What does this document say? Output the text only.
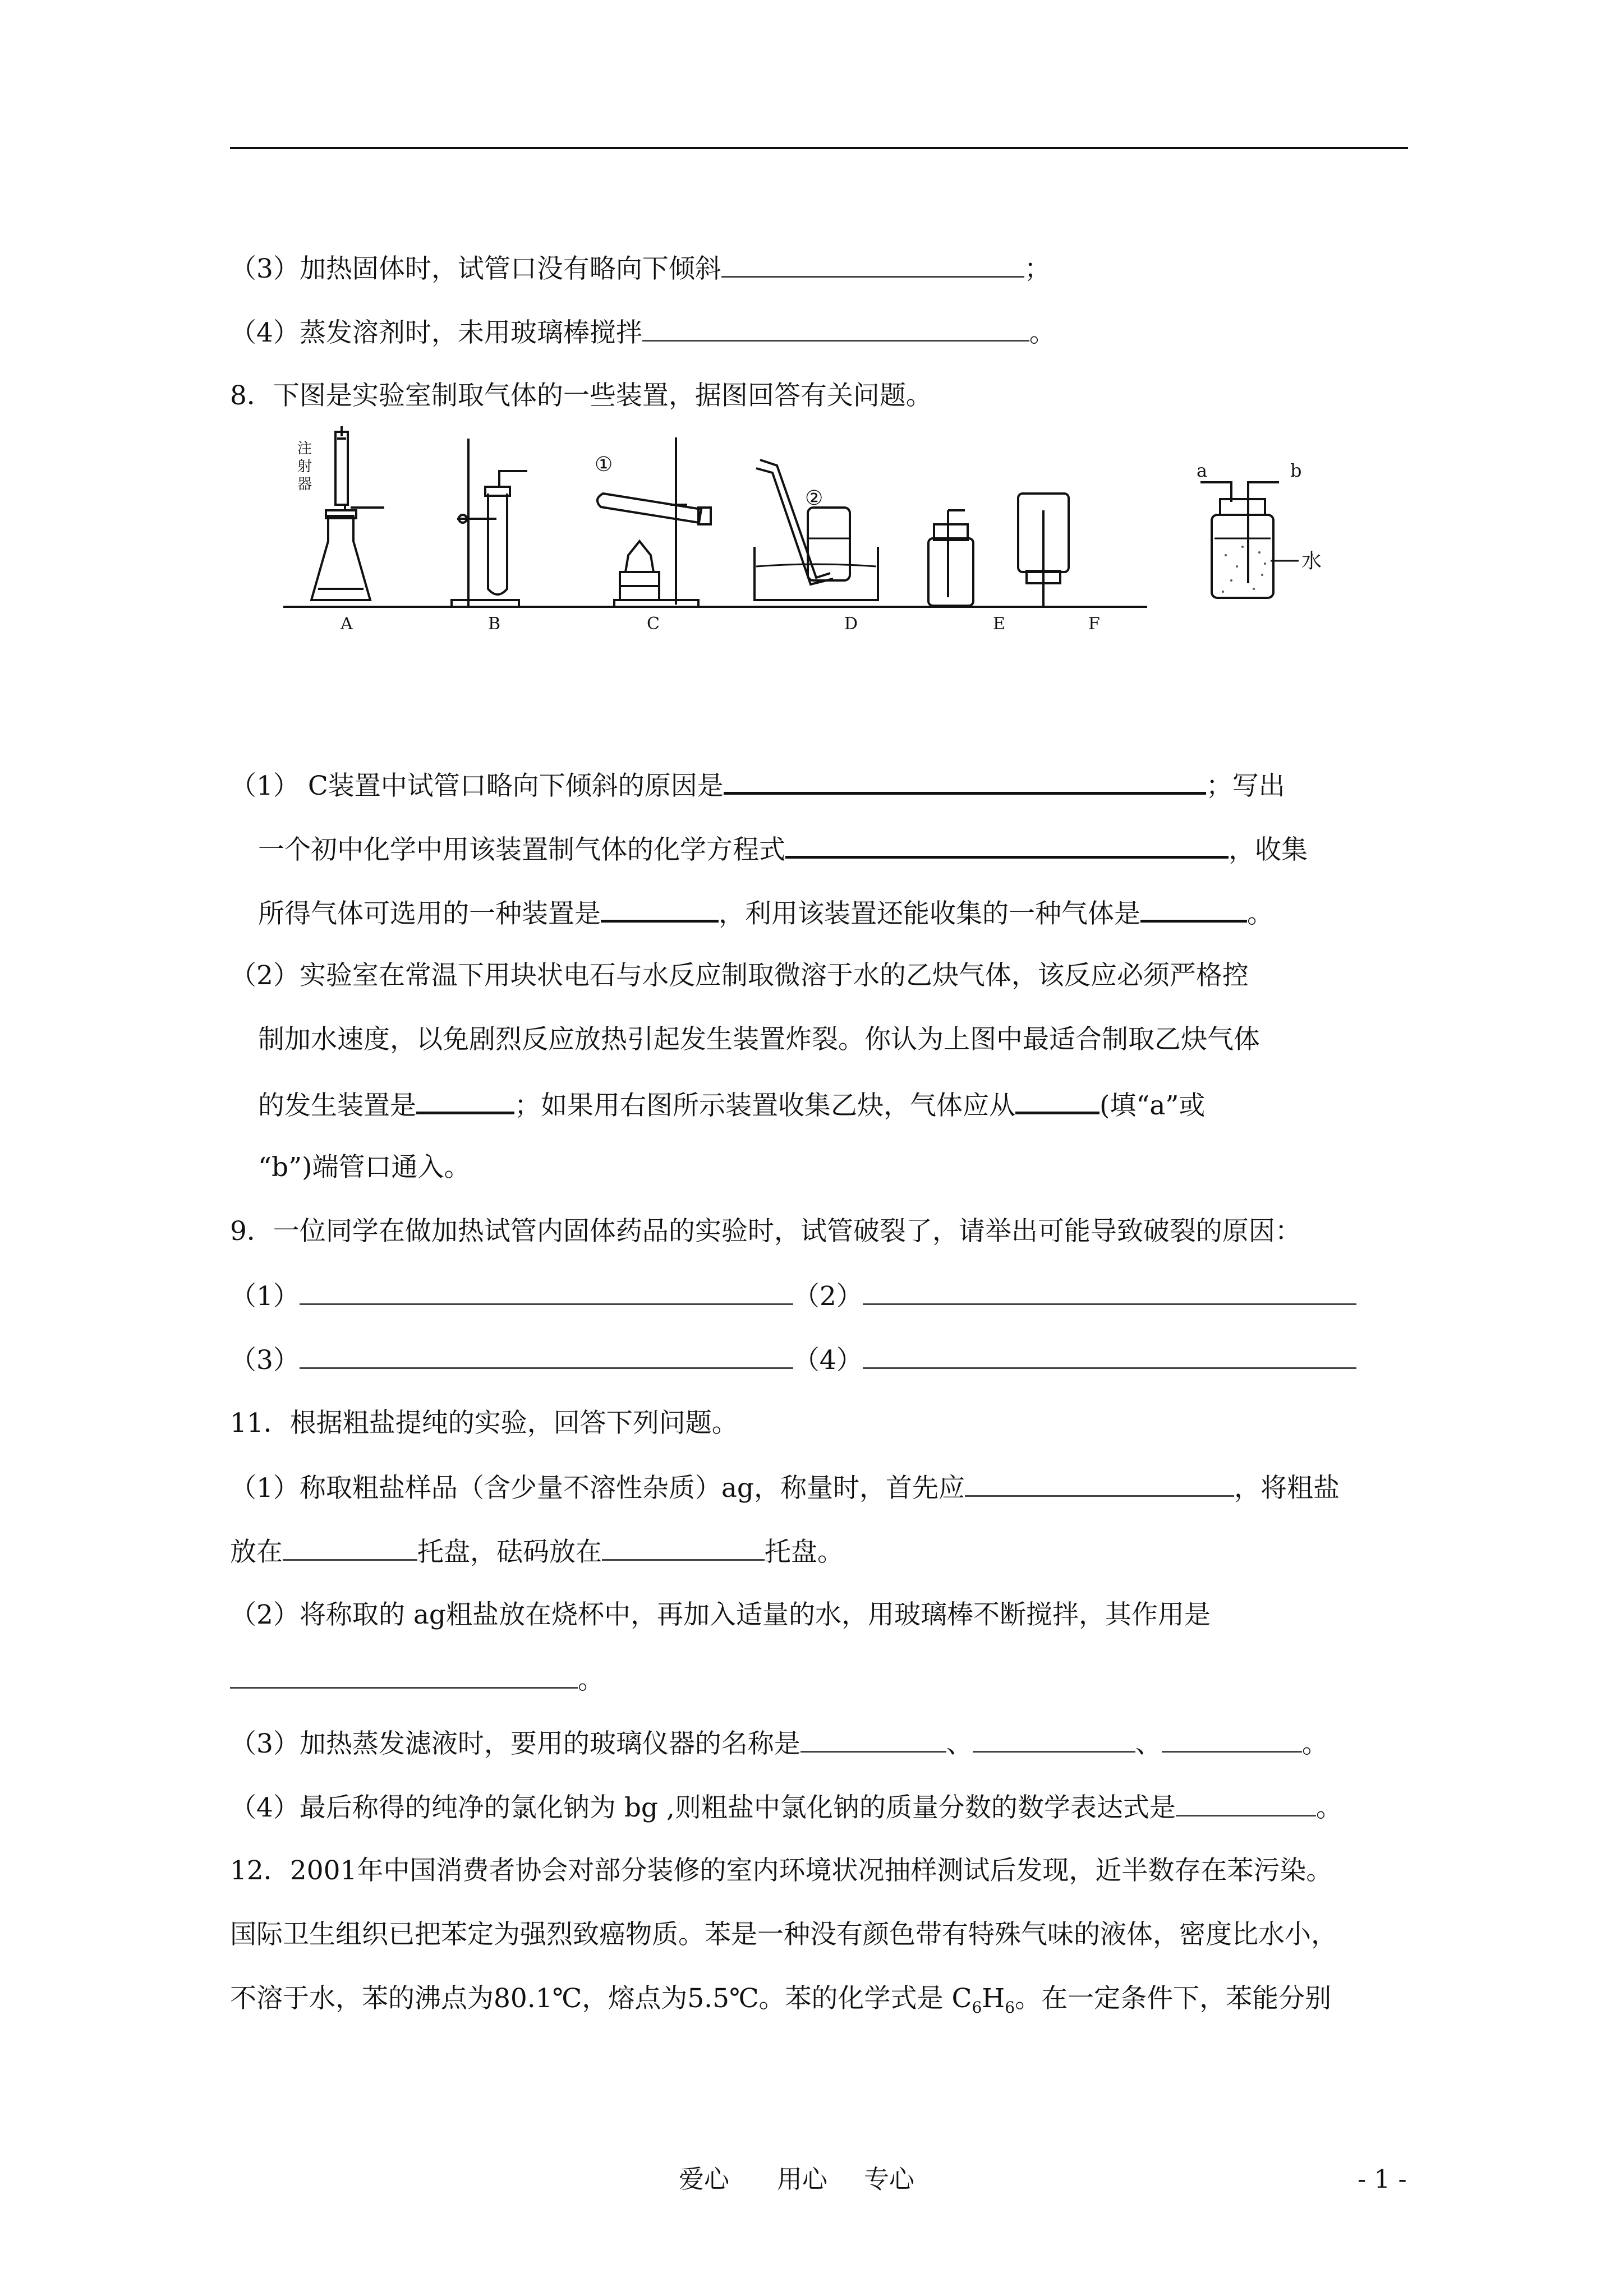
（3）加热固体时，试管口没有略向下倾斜	；
（4）蒸发溶剂时，未用玻璃棒搅拌	。
8．下图是实验室制取气体的一些装置，据图回答有关问题。
注
射
器
①
②
A	B	C	D	E	F
a	b
水
（1） C装置中试管口略向下倾斜的原因是	；写出
一个初中化学中用该装置制气体的化学方程式	，收集
所得气体可选用的一种装置是	，利用该装置还能收集的一种气体是	。
（2）实验室在常温下用块状电石与水反应制取微溶于水的乙炔气体，该反应必须严格控
制加水速度，以免剧烈反应放热引起发生装置炸裂。你认为上图中最适合制取乙炔气体
的发生装置是	；如果用右图所示装置收集乙炔，气体应从	(填“a”或
“b”)端管口通入。
9．一位同学在做加热试管内固体药品的实验时，试管破裂了，请举出可能导致破裂的原因：
（1）	（2）
（3）	（4）
11．根据粗盐提纯的实验，回答下列问题。
（1）称取粗盐样品（含少量不溶性杂质）ag，称量时，首先应	，将粗盐
放在	托盘，砝码放在	托盘。
（2）将称取的 ag粗盐放在烧杯中，再加入适量的水，用玻璃棒不断搅拌，其作用是
。
（3）加热蒸发滤液时，要用的玻璃仪器的名称是	、	、	。
（4）最后称得的纯净的氯化钠为 bg ,则粗盐中氯化钠的质量分数的数学表达式是	。
12．2001年中国消费者协会对部分装修的室内环境状况抽样测试后发现，近半数存在苯污染。
国际卫生组织已把苯定为强烈致癌物质。苯是一种没有颜色带有特殊气味的液体，密度比水小，
不溶于水，苯的沸点为80.1℃，熔点为5.5℃。苯的化学式是 $C_6H_6$。在一定条件下，苯能分别
爱心 用心 专心	- 1 -
